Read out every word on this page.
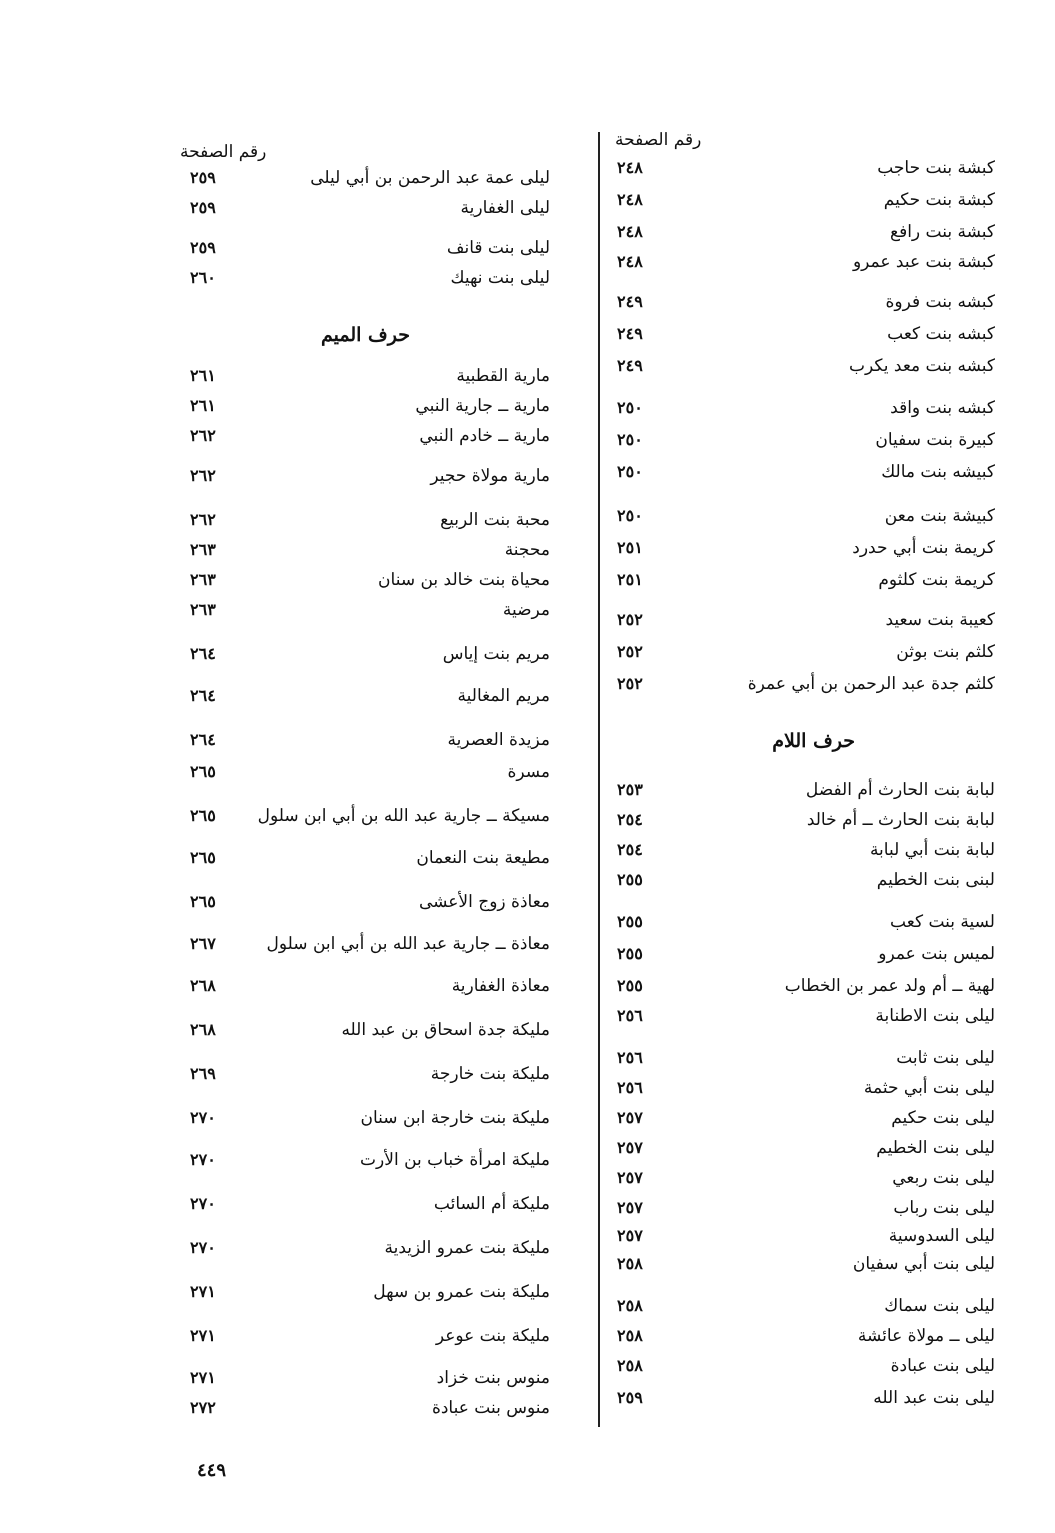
رقم الصفحة
كبشة بنت حاجب
٢٤٨
كبشة بنت حكيم
٢٤٨
كبشة بنت رافع
٢٤٨
كبشة بنت عبد عمرو
٢٤٨
كبشه بنت فروة
٢٤٩
كبشه بنت كعب
٢٤٩
كبشه بنت معد يكرب
٢٤٩
كبشه بنت واقد
٢٥٠
كبيرة بنت سفيان
٢٥٠
كبيشه بنت مالك
٢٥٠
كبيشة بنت معن
٢٥٠
كريمة بنت أبي حدرد
٢٥١
كريمة بنت كلثوم
٢٥١
كعيبة بنت سعيد
٢٥٢
كلثم بنت بوثن
٢٥٢
كلثم جدة عبد الرحمن بن أبي عمرة
٢٥٢
حرف اللام
لبابة بنت الحارث أم الفضل
٢٥٣
لبابة بنت الحارث ــ أم خالد
٢٥٤
لبابة بنت أبي لبابة
٢٥٤
لبنى بنت الخطيم
٢٥٥
لسية بنت كعب
٢٥٥
لميس بنت عمرو
٢٥٥
لهية ــ أم ولد عمر بن الخطاب
٢٥٥
ليلى بنت الاطنابة
٢٥٦
ليلى بنت ثابت
٢٥٦
ليلى بنت أبي حثمة
٢٥٦
ليلى بنت حكيم
٢٥٧
ليلى بنت الخطيم
٢٥٧
ليلى بنت ربعي
٢٥٧
ليلى بنت رباب
٢٥٧
ليلى السدوسية
٢٥٧
ليلى بنت أبي سفيان
٢٥٨
ليلى بنت سماك
٢٥٨
ليلى ــ مولاة عائشة
٢٥٨
ليلى بنت عبادة
٢٥٨
ليلى بنت عبد الله
٢٥٩
رقم الصفحة
ليلى عمة عبد الرحمن بن أبي ليلى
٢٥٩
ليلى الغفارية
٢٥٩
ليلى بنت قانف
٢٥٩
ليلى بنت نهيك
٢٦٠
حرف الميم
مارية القطبية
٢٦١
مارية ــ جارية النبي
٢٦١
مارية ــ خادم النبي
٢٦٢
مارية مولاة حجير
٢٦٢
محبة بنت الربيع
٢٦٢
محجنة
٢٦٣
محياة بنت خالد بن سنان
٢٦٣
مرضية
٢٦٣
مريم بنت إياس
٢٦٤
مريم المغالية
٢٦٤
مزيدة العصرية
٢٦٤
مسرة
٢٦٥
مسيكة ــ جارية عبد الله بن أبي ابن سلول
٢٦٥
مطيعة بنت النعمان
٢٦٥
معاذة زوج الأعشى
٢٦٥
معاذة ــ جارية عبد الله بن أبي ابن سلول
٢٦٧
معاذة الغفارية
٢٦٨
مليكة جدة اسحاق بن عبد الله
٢٦٨
مليكة بنت خارجة
٢٦٩
مليكة بنت خارجة ابن سنان
٢٧٠
مليكة امرأة خباب بن الأرت
٢٧٠
مليكة أم السائب
٢٧٠
مليكة بنت عمرو الزيدية
٢٧٠
مليكة بنت عمرو بن سهل
٢٧١
مليكة بنت عوعر
٢٧١
منوس بنت خزاد
٢٧١
منوس بنت عبادة
٢٧٢
٤٤٩
